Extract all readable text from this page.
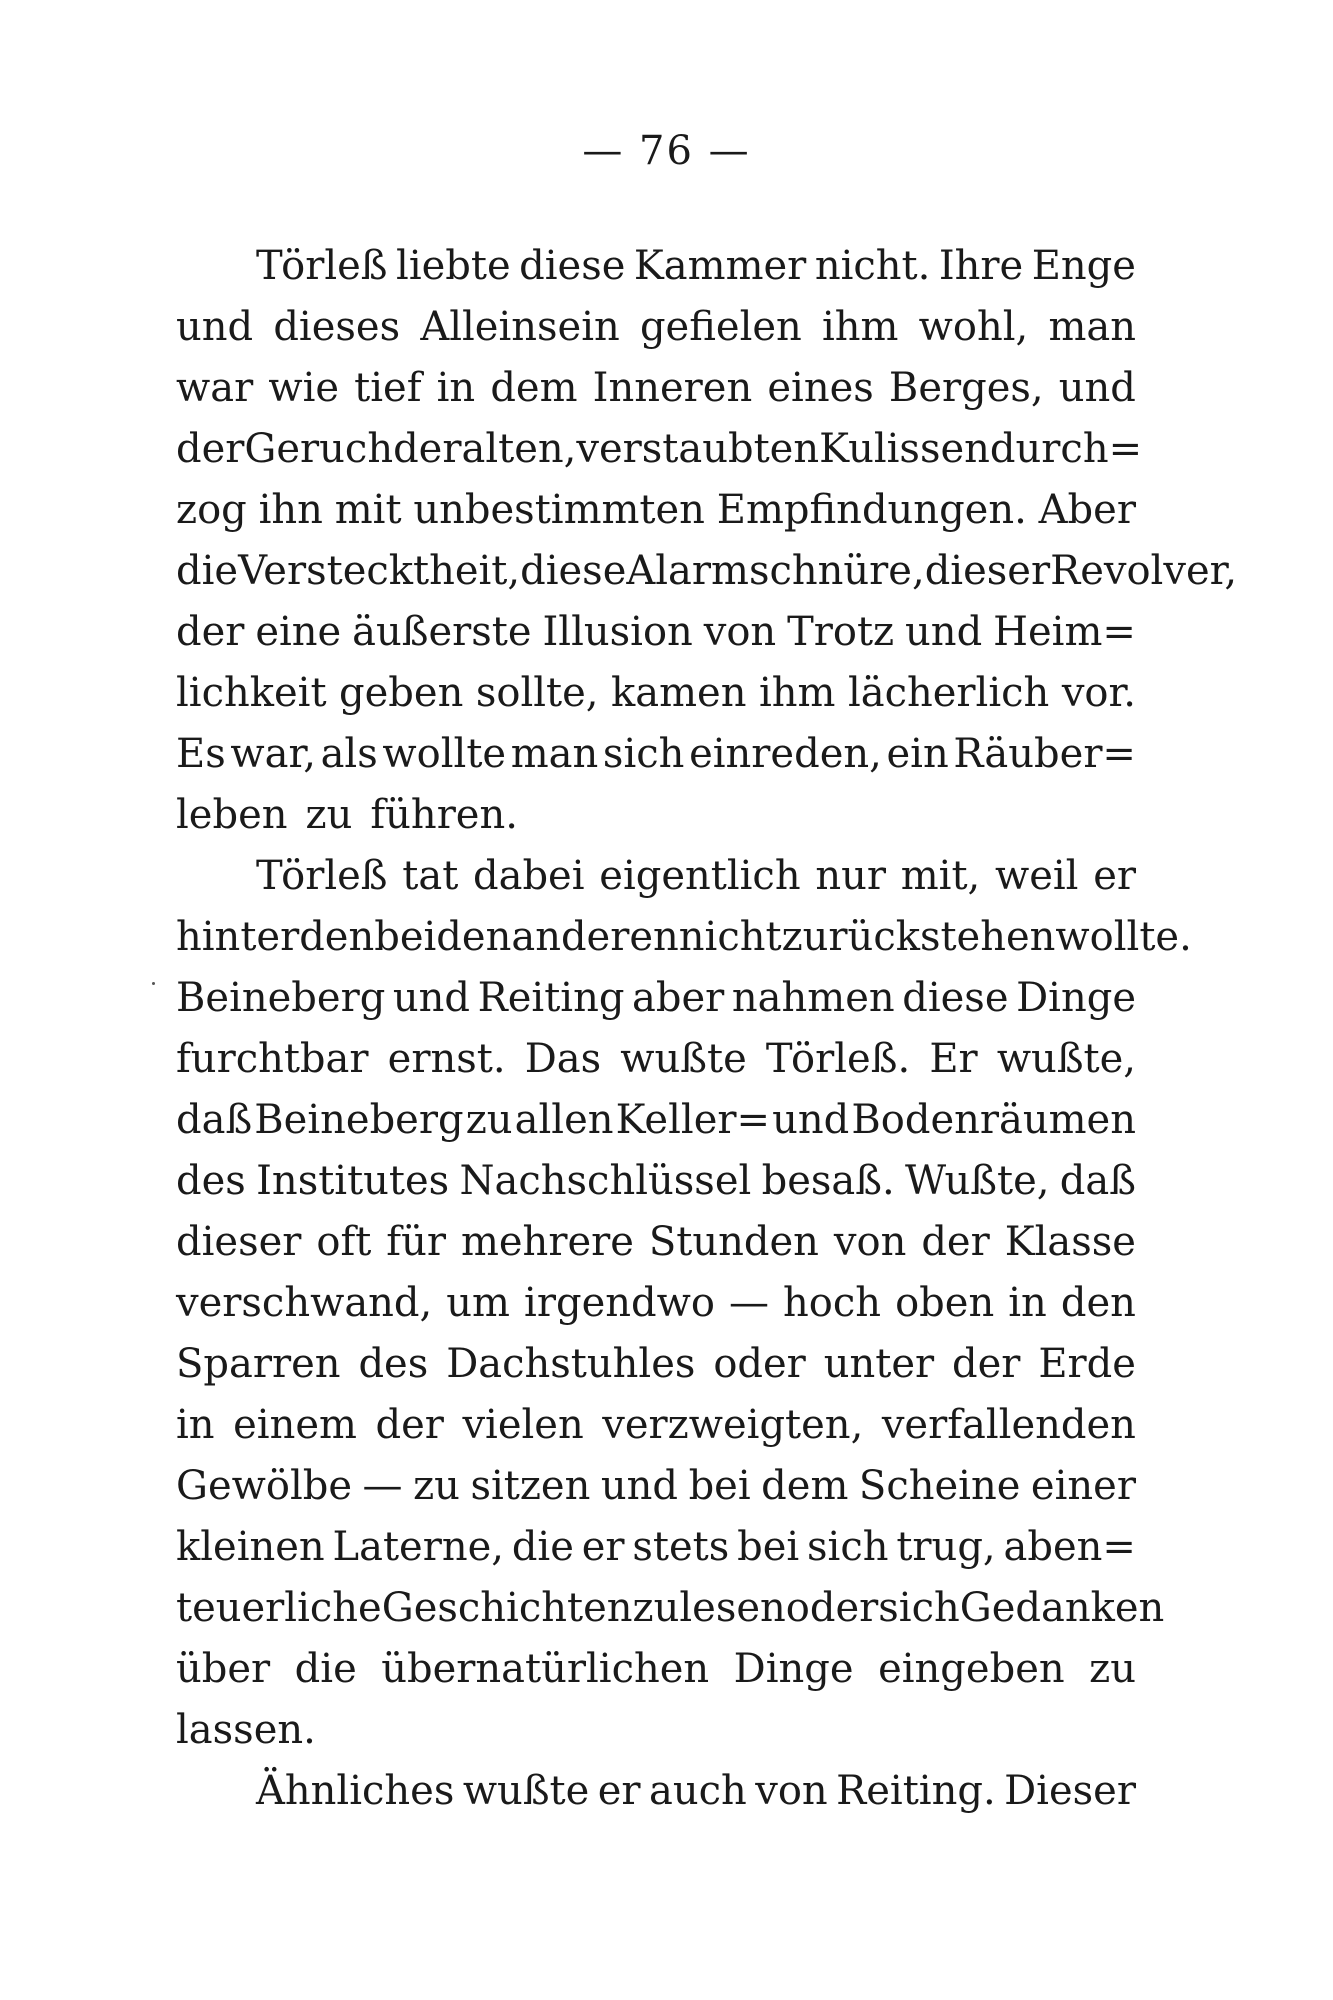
— 76 —
Törleß liebte diese Kammer nicht. Ihre Enge
und dieses Alleinsein gefielen ihm wohl, man
war wie tief in dem Inneren eines Berges, und
der Geruch der alten, verstaubten Kulissen durch=
zog ihn mit unbestimmten Empfindungen. Aber
die Verstecktheit, diese Alarmschnüre, dieser Revolver,
der eine äußerste Illusion von Trotz und Heim=
lichkeit geben sollte, kamen ihm lächerlich vor.
Es war, als wollte man sich einreden, ein Räuber=
leben zu führen.
Törleß tat dabei eigentlich nur mit, weil er
hinter den beiden anderen nicht zurückstehen wollte.
Beineberg und Reiting aber nahmen diese Dinge
furchtbar ernst. Das wußte Törleß. Er wußte,
daß Beineberg zu allen Keller= und Bodenräumen
des Institutes Nachschlüssel besaß. Wußte, daß
dieser oft für mehrere Stunden von der Klasse
verschwand, um irgendwo — hoch oben in den
Sparren des Dachstuhles oder unter der Erde
in einem der vielen verzweigten, verfallenden
Gewölbe — zu sitzen und bei dem Scheine einer
kleinen Laterne, die er stets bei sich trug, aben=
teuerliche Geschichten zu lesen oder sich Gedanken
über die übernatürlichen Dinge eingeben zu
lassen.
Ähnliches wußte er auch von Reiting. Dieser
